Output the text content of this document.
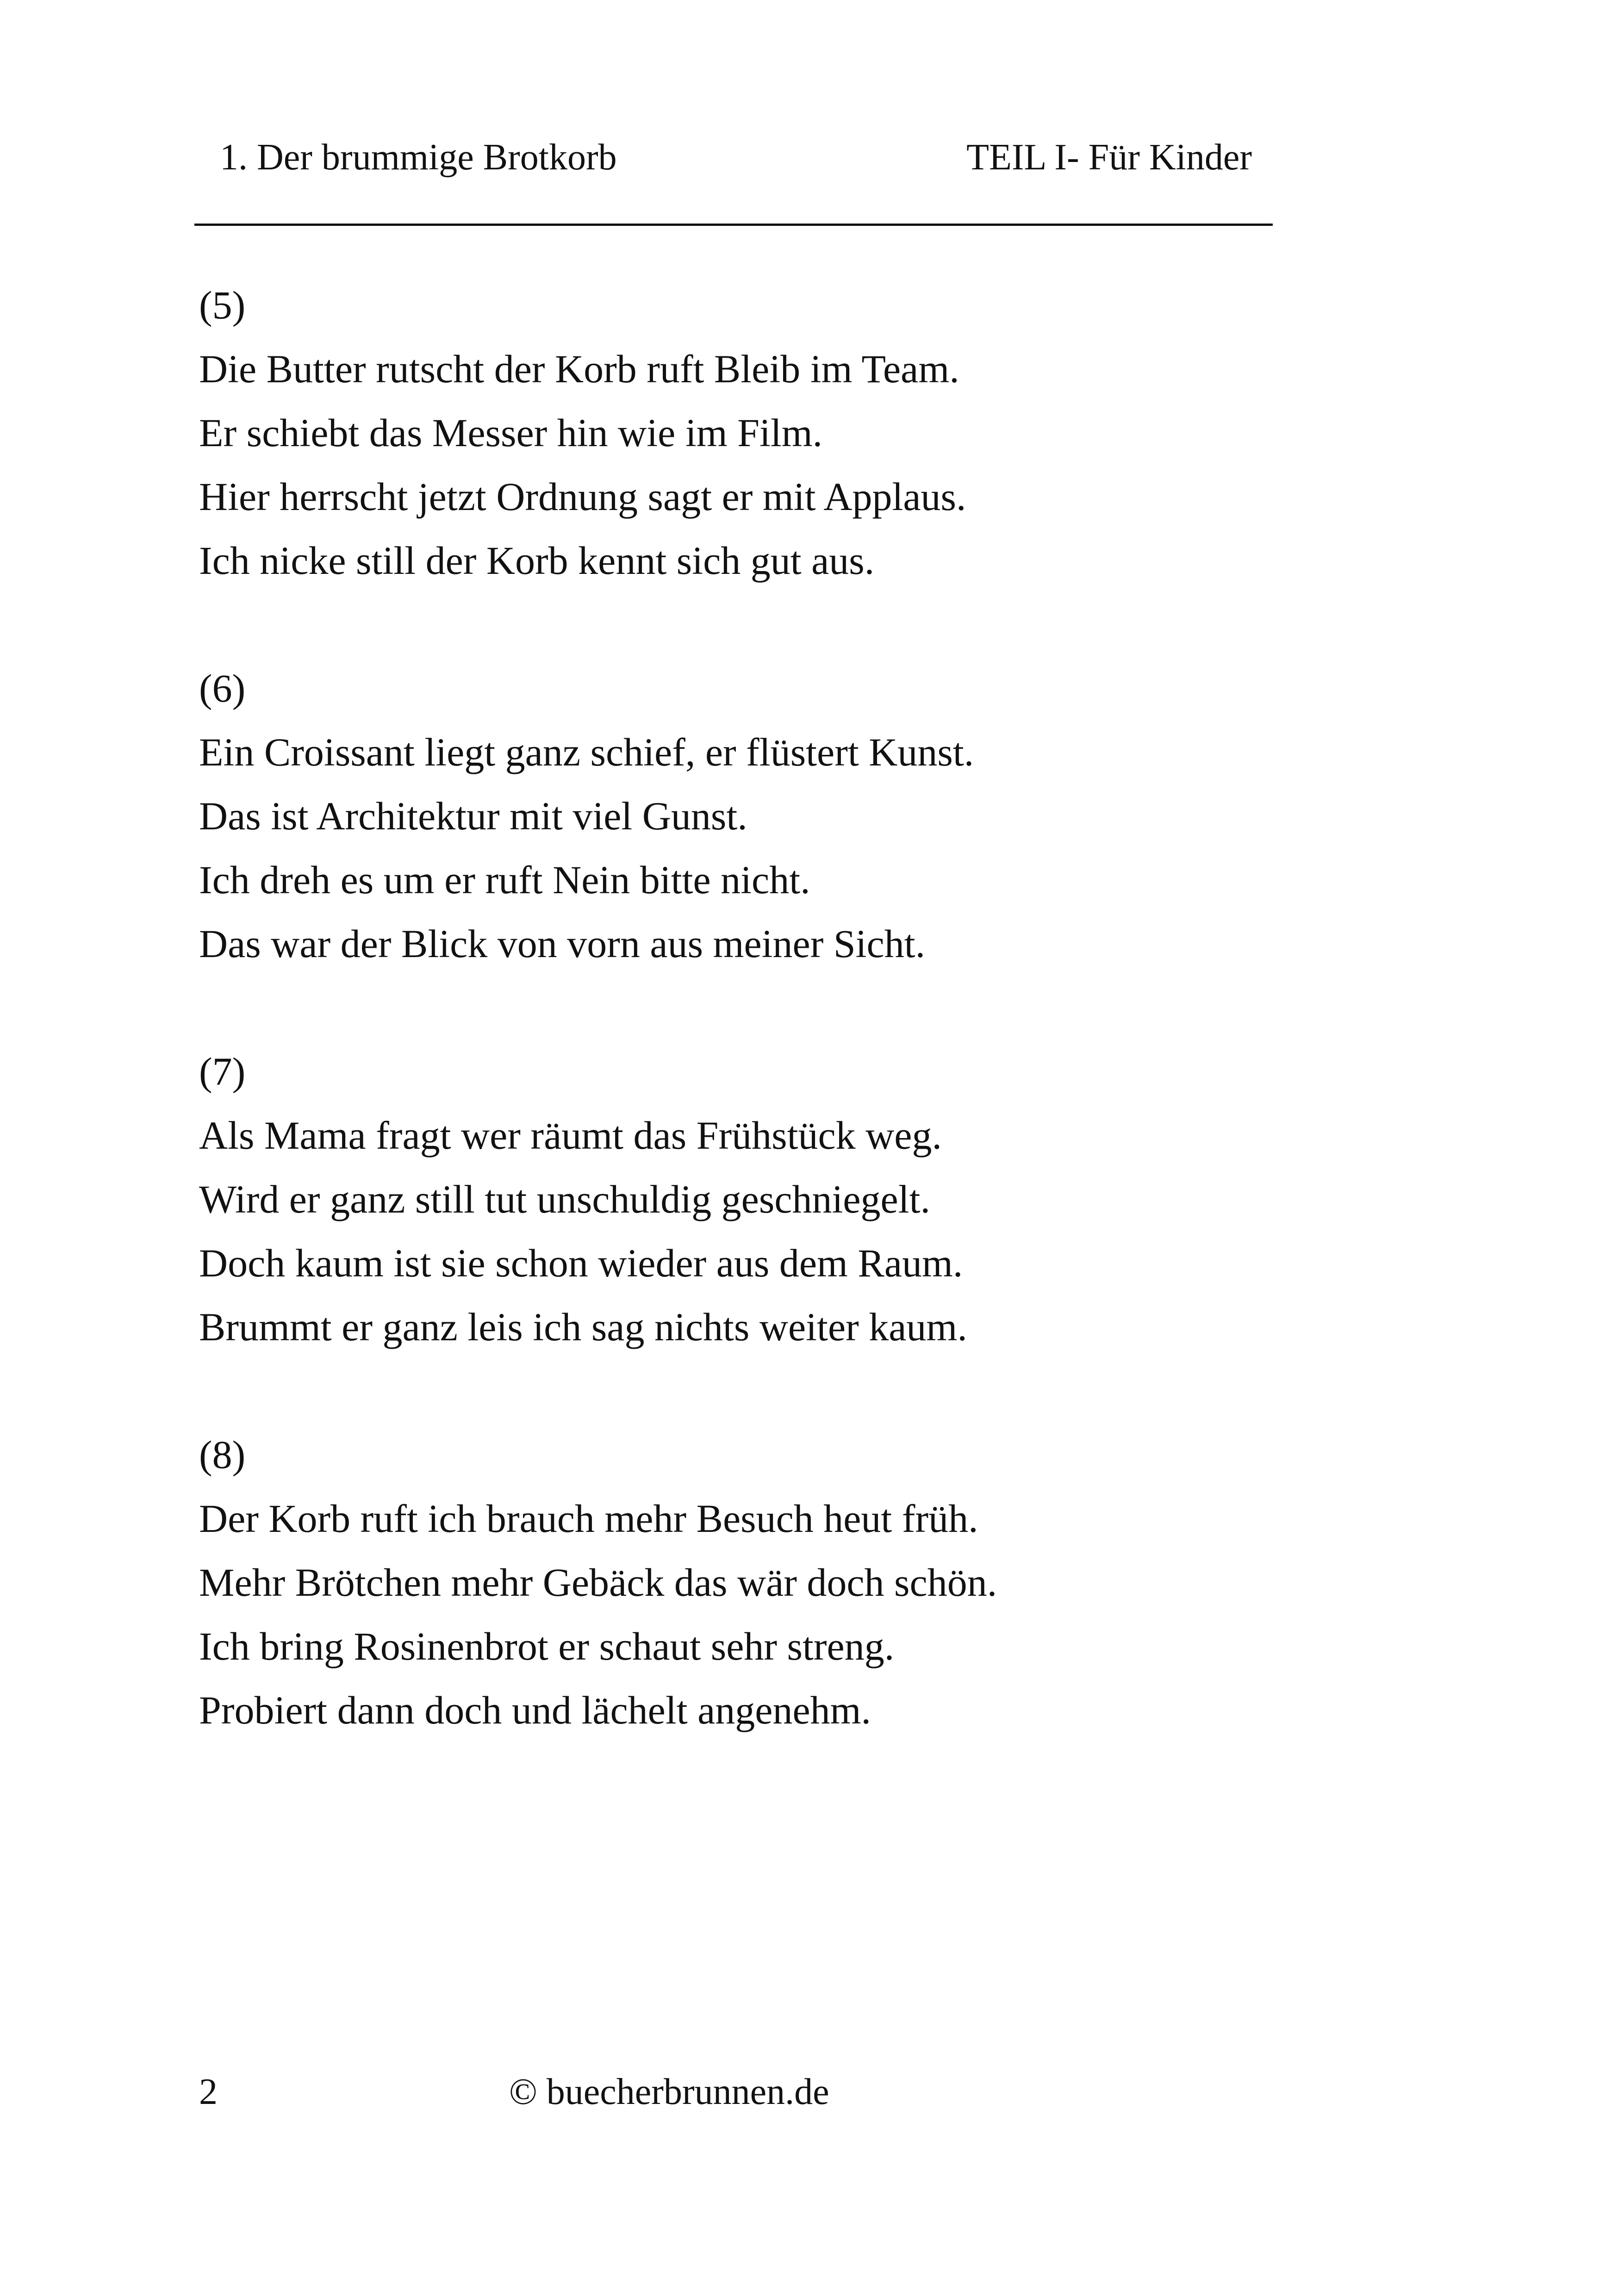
1. Der brummige Brotkorb	TEIL I- Für Kinder
(5)
Die Butter rutscht der Korb ruft Bleib im Team.
Er schiebt das Messer hin wie im Film.
Hier herrscht jetzt Ordnung sagt er mit Applaus.
Ich nicke still der Korb kennt sich gut aus.
(6)
Ein Croissant liegt ganz schief, er flüstert Kunst.
Das ist Architektur mit viel Gunst.
Ich dreh es um er ruft Nein bitte nicht.
Das war der Blick von vorn aus meiner Sicht.
(7)
Als Mama fragt wer räumt das Frühstück weg.
Wird er ganz still tut unschuldig geschniegelt.
Doch kaum ist sie schon wieder aus dem Raum.
Brummt er ganz leis ich sag nichts weiter kaum.
(8)
Der Korb ruft ich brauch mehr Besuch heut früh.
Mehr Brötchen mehr Gebäck das wär doch schön.
Ich bring Rosinenbrot er schaut sehr streng.
Probiert dann doch und lächelt angenehm.
2	© buecherbrunnen.de
